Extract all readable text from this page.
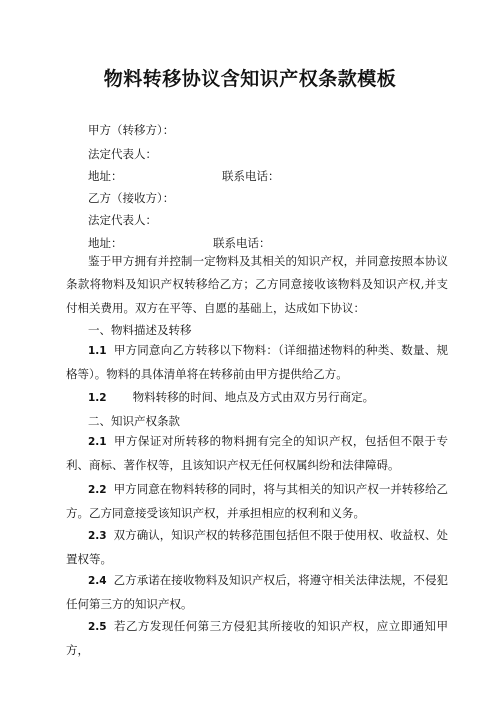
物料转移协议含知识产权条款模板
甲方（转移方）：
法定代表人：
地址：	联系电话：
乙方（接收方）：
法定代表人：
地址：	联系电话：
鉴于甲方拥有并控制一定物料及其相关的知识产权，并同意按照本协议条款将物料及知识产权转移给乙方；乙方同意接收该物料及知识产权,并支付相关费用。双方在平等、自愿的基础上，达成如下协议：
一、物料描述及转移
1.1 甲方同意向乙方转移以下物料：（详细描述物料的种类、数量、规格等）。物料的具体清单将在转移前由甲方提供给乙方。
1.2 物料转移的时间、地点及方式由双方另行商定。
二、知识产权条款
2.1 甲方保证对所转移的物料拥有完全的知识产权，包括但不限于专利、商标、著作权等，且该知识产权无任何权属纠纷和法律障碍。
2.2 甲方同意在物料转移的同时，将与其相关的知识产权一并转移给乙方。乙方同意接受该知识产权，并承担相应的权利和义务。
2.3 双方确认，知识产权的转移范围包括但不限于使用权、收益权、处置权等。
2.4 乙方承诺在接收物料及知识产权后，将遵守相关法律法规，不侵犯任何第三方的知识产权。
2.5 若乙方发现任何第三方侵犯其所接收的知识产权，应立即通知甲方，
